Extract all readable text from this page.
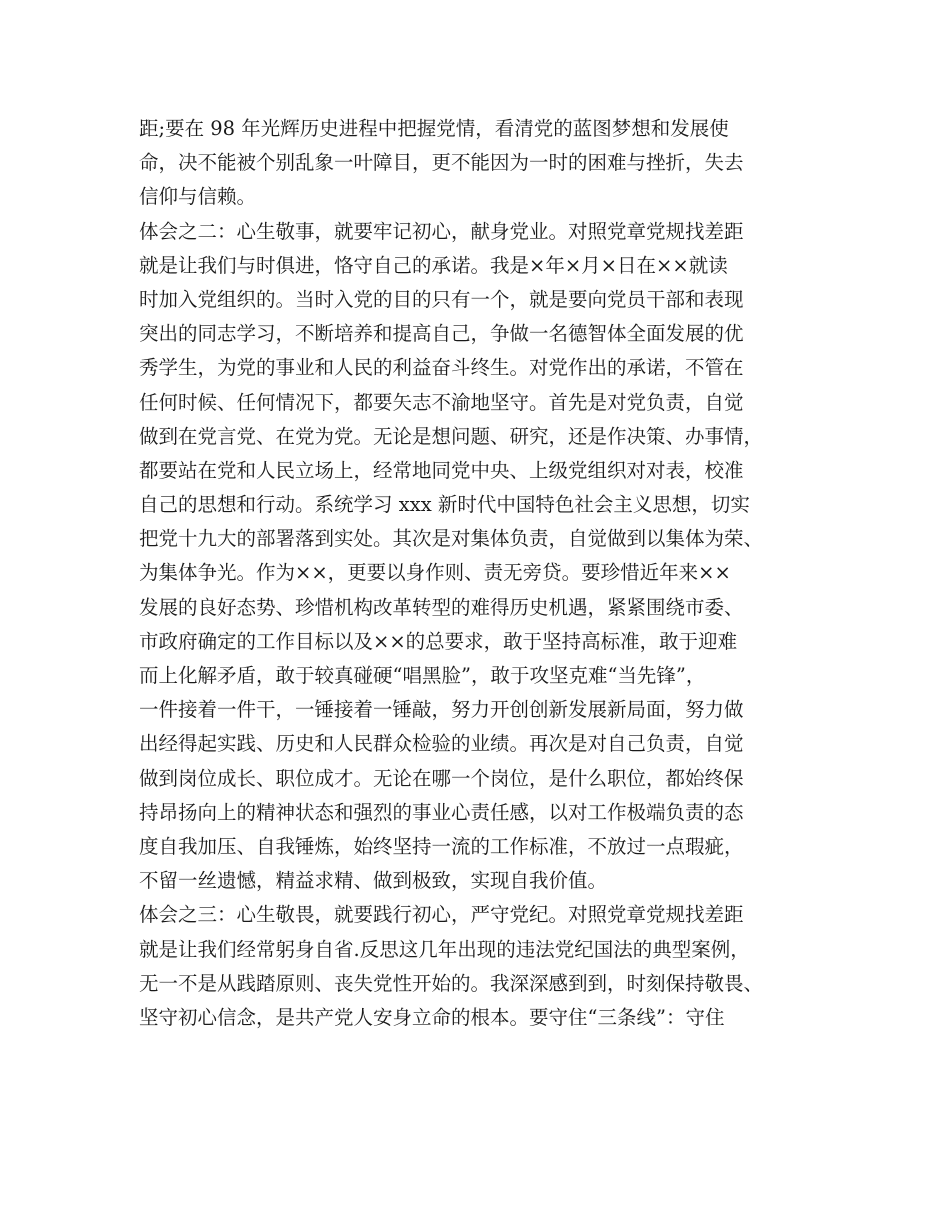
距;要在 98 年光辉历史进程中把握党情，看清党的蓝图梦想和发展使
命，决不能被个别乱象一叶障目，更不能因为一时的困难与挫折，失去
信仰与信赖。
体会之二：心生敬事，就要牢记初心，献身党业。对照党章党规找差距
就是让我们与时俱进，恪守自己的承诺。我是×年×月×日在××就读
时加入党组织的。当时入党的目的只有一个，就是要向党员干部和表现
突出的同志学习，不断培养和提高自己，争做一名德智体全面发展的优
秀学生，为党的事业和人民的利益奋斗终生。对党作出的承诺，不管在
任何时候、任何情况下，都要矢志不渝地坚守。首先是对党负责，自觉
做到在党言党、在党为党。无论是想问题、研究，还是作决策、办事情，
都要站在党和人民立场上，经常地同党中央、上级党组织对对表，校准
自己的思想和行动。系统学习 xxx 新时代中国特色社会主义思想，切实
把党十九大的部署落到实处。其次是对集体负责，自觉做到以集体为荣、
为集体争光。作为××，更要以身作则、责无旁贷。要珍惜近年来××
发展的良好态势、珍惜机构改革转型的难得历史机遇，紧紧围绕市委、
市政府确定的工作目标以及××的总要求，敢于坚持高标准，敢于迎难
而上化解矛盾，敢于较真碰硬“唱黑脸”，敢于攻坚克难“当先锋”，
一件接着一件干，一锤接着一锤敲，努力开创创新发展新局面，努力做
出经得起实践、历史和人民群众检验的业绩。再次是对自己负责，自觉
做到岗位成长、职位成才。无论在哪一个岗位，是什么职位，都始终保
持昂扬向上的精神状态和强烈的事业心责任感，以对工作极端负责的态
度自我加压、自我锤炼，始终坚持一流的工作标准，不放过一点瑕疵，
不留一丝遗憾，精益求精、做到极致，实现自我价值。
体会之三：心生敬畏，就要践行初心，严守党纪。对照党章党规找差距
就是让我们经常躬身自省.反思这几年出现的违法党纪国法的典型案例，
无一不是从践踏原则、丧失党性开始的。我深深感到到，时刻保持敬畏、
坚守初心信念，是共产党人安身立命的根本。要守住“三条线”：守住
